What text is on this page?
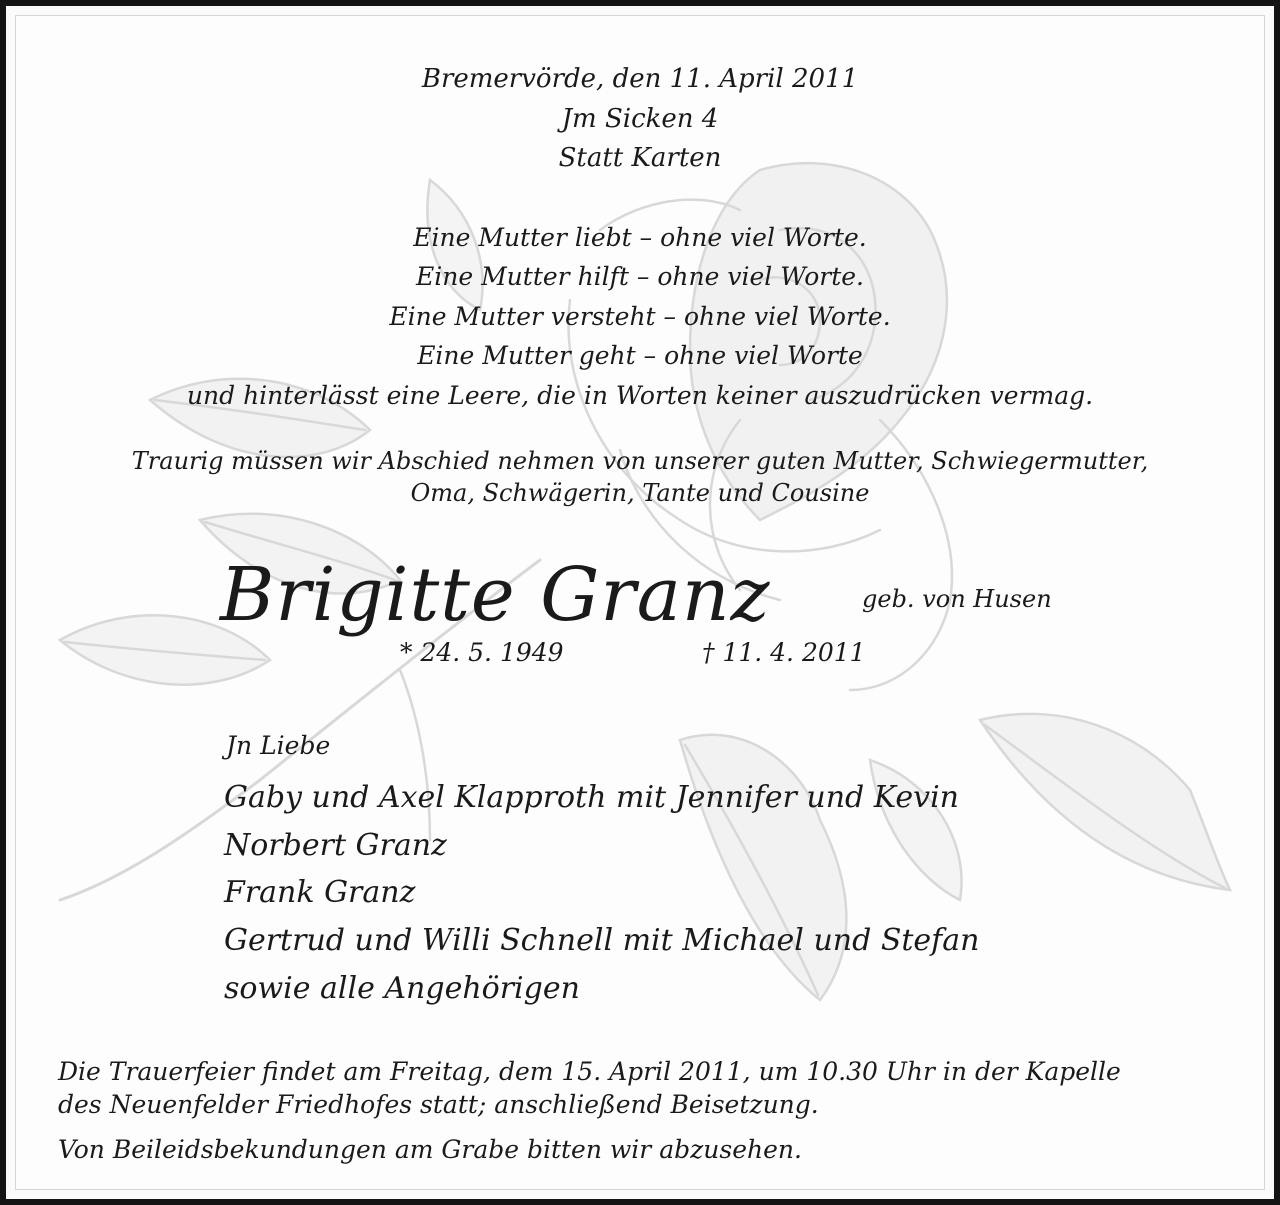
Bremervörde, den 11. April 2011
Jm Sicken 4
Statt Karten
Eine Mutter liebt – ohne viel Worte.
Eine Mutter hilft – ohne viel Worte.
Eine Mutter versteht – ohne viel Worte.
Eine Mutter geht – ohne viel Worte
und hinterlässt eine Leere, die in Worten keiner auszudrücken vermag.
Traurig müssen wir Abschied nehmen von unserer guten Mutter, Schwiegermutter,
Oma, Schwägerin, Tante und Cousine
Brigitte Granz	geb. von Husen
* 24. 5. 1949	† 11. 4. 2011
Jn Liebe
Gaby und Axel Klapproth mit Jennifer und Kevin
Norbert Granz
Frank Granz
Gertrud und Willi Schnell mit Michael und Stefan
sowie alle Angehörigen
Die Trauerfeier findet am Freitag, dem 15. April 2011, um 10.30 Uhr in der Kapelle
des Neuenfelder Friedhofes statt; anschließend Beisetzung.
Von Beileidsbekundungen am Grabe bitten wir abzusehen.
